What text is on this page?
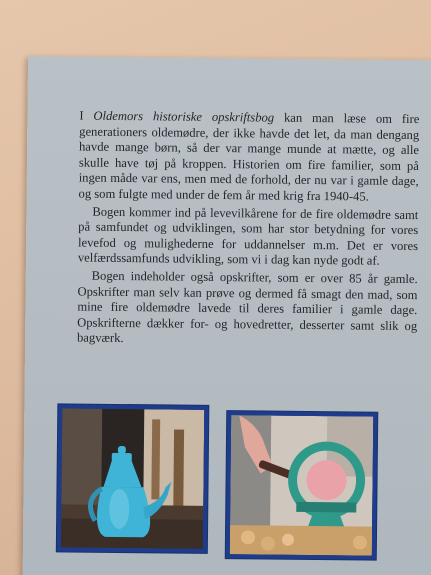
I Oldemors historiske opskriftsbog kan man læse om fire generationers oldemødre, der ikke havde det let, da man dengang havde mange børn, så der var mange munde at mætte, og alle skulle have tøj på kroppen. Historien om fire familier, som på ingen måde var ens, men med de forhold, der nu var i gamle dage, og som fulgte med under de fem år med krig fra 1940-45.

Bogen kommer ind på levevilkårene for de fire oldemødre samt på samfundet og udviklingen, som har stor betydning for vores levefod og mulighederne for uddannelser m.m. Det er vores velfærdssamfunds udvikling, som vi i dag kan nyde godt af.

Bogen indeholder også opskrifter, som er over 85 år gamle. Opskrifter man selv kan prøve og dermed få smagt den mad, som mine fire oldemødre lavede til deres familier i gamle dage. Opskrifterne dækker for- og hovedretter, desserter samt slik og bagværk.
